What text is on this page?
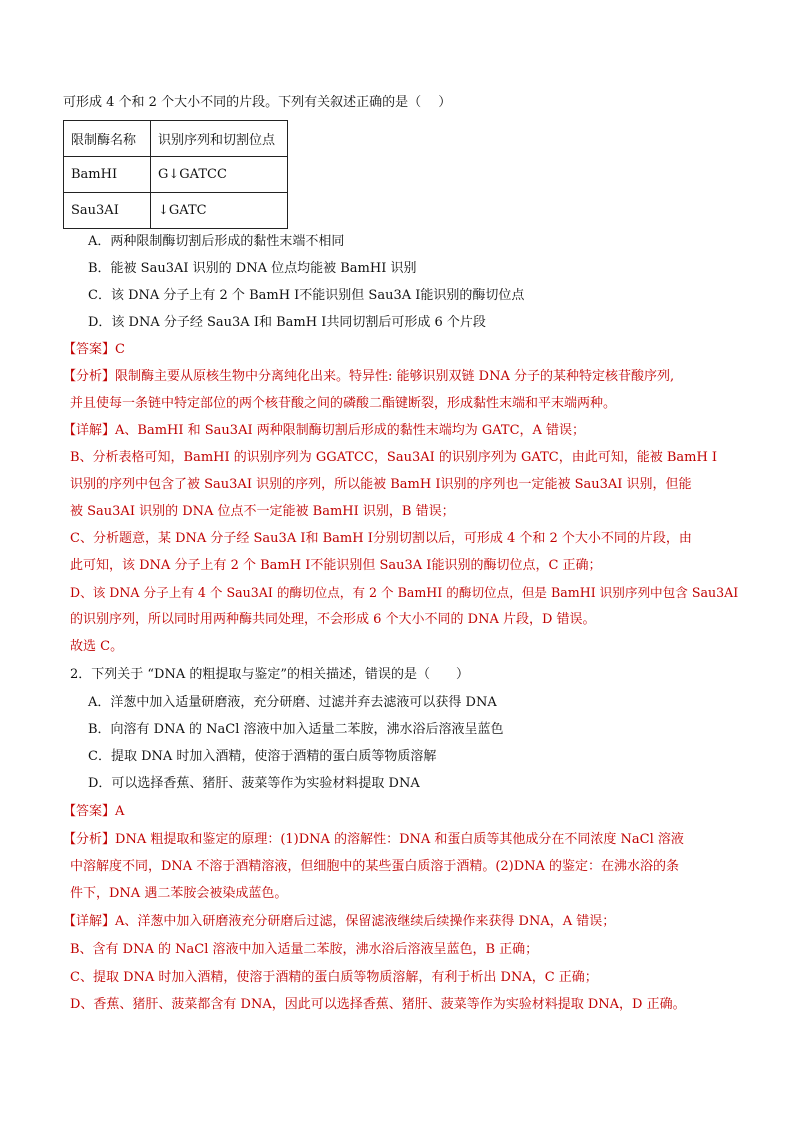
可形成 4 个和 2 个大小不同的片段。下列有关叙述正确的是（　 ）
限制酶名称	识别序列和切割位点
BamHI	G↓GATCC
Sau3AI	↓GATC
A．两种限制酶切割后形成的黏性末端不相同
B．能被 Sau3AI 识别的 DNA 位点均能被 BamHI 识别
C．该 DNA 分子上有 2 个 BamH Ⅰ不能识别但 Sau3A Ⅰ能识别的酶切位点
D．该 DNA 分子经 Sau3A Ⅰ和 BamH Ⅰ共同切割后可形成 6 个片段
【答案】C
【分析】限制酶主要从原核生物中分离纯化出来。特异性: 能够识别双链 DNA 分子的某种特定核苷酸序列,
并且使每一条链中特定部位的两个核苷酸之间的磷酸二酯键断裂，形成黏性末端和平末端两种。
【详解】A、BamHI 和 Sau3AI 两种限制酶切割后形成的黏性末端均为 GATC，A 错误；
B、分析表格可知，BamHI 的识别序列为 GGATCC，Sau3AI 的识别序列为 GATC，由此可知，能被 BamH Ⅰ
识别的序列中包含了被 Sau3AI 识别的序列，所以能被 BamH Ⅰ识别的序列也一定能被 Sau3AI 识别，但能
被 Sau3AI 识别的 DNA 位点不一定能被 BamHI 识别，B 错误；
C、分析题意，某 DNA 分子经 Sau3A Ⅰ和 BamH Ⅰ分别切割以后，可形成 4 个和 2 个大小不同的片段，由
此可知，该 DNA 分子上有 2 个 BamH Ⅰ不能识别但 Sau3A Ⅰ能识别的酶切位点，C 正确；
D、该 DNA 分子上有 4 个 Sau3AI 的酶切位点，有 2 个 BamHI 的酶切位点，但是 BamHI 识别序列中包含 Sau3AI
的识别序列，所以同时用两种酶共同处理，不会形成 6 个大小不同的 DNA 片段，D 错误。
故选 C。
2．下列关于 “DNA 的粗提取与鉴定”的相关描述，错误的是（　　）
A．洋葱中加入适量研磨液，充分研磨、过滤并弃去滤液可以获得 DNA
B．向溶有 DNA 的 NaCl 溶液中加入适量二苯胺，沸水浴后溶液呈蓝色
C．提取 DNA 时加入酒精，使溶于酒精的蛋白质等物质溶解
D．可以选择香蕉、猪肝、菠菜等作为实验材料提取 DNA
【答案】A
【分析】DNA 粗提取和鉴定的原理：(1)DNA 的溶解性：DNA 和蛋白质等其他成分在不同浓度 NaCl 溶液
中溶解度不同，DNA 不溶于酒精溶液，但细胞中的某些蛋白质溶于酒精。(2)DNA 的鉴定：在沸水浴的条
件下，DNA 遇二苯胺会被染成蓝色。
【详解】A、洋葱中加入研磨液充分研磨后过滤，保留滤液继续后续操作来获得 DNA，A 错误；
B、含有 DNA 的 NaCl 溶液中加入适量二苯胺，沸水浴后溶液呈蓝色，B 正确；
C、提取 DNA 时加入酒精，使溶于酒精的蛋白质等物质溶解，有利于析出 DNA，C 正确；
D、香蕉、猪肝、菠菜都含有 DNA，因此可以选择香蕉、猪肝、菠菜等作为实验材料提取 DNA，D 正确。
